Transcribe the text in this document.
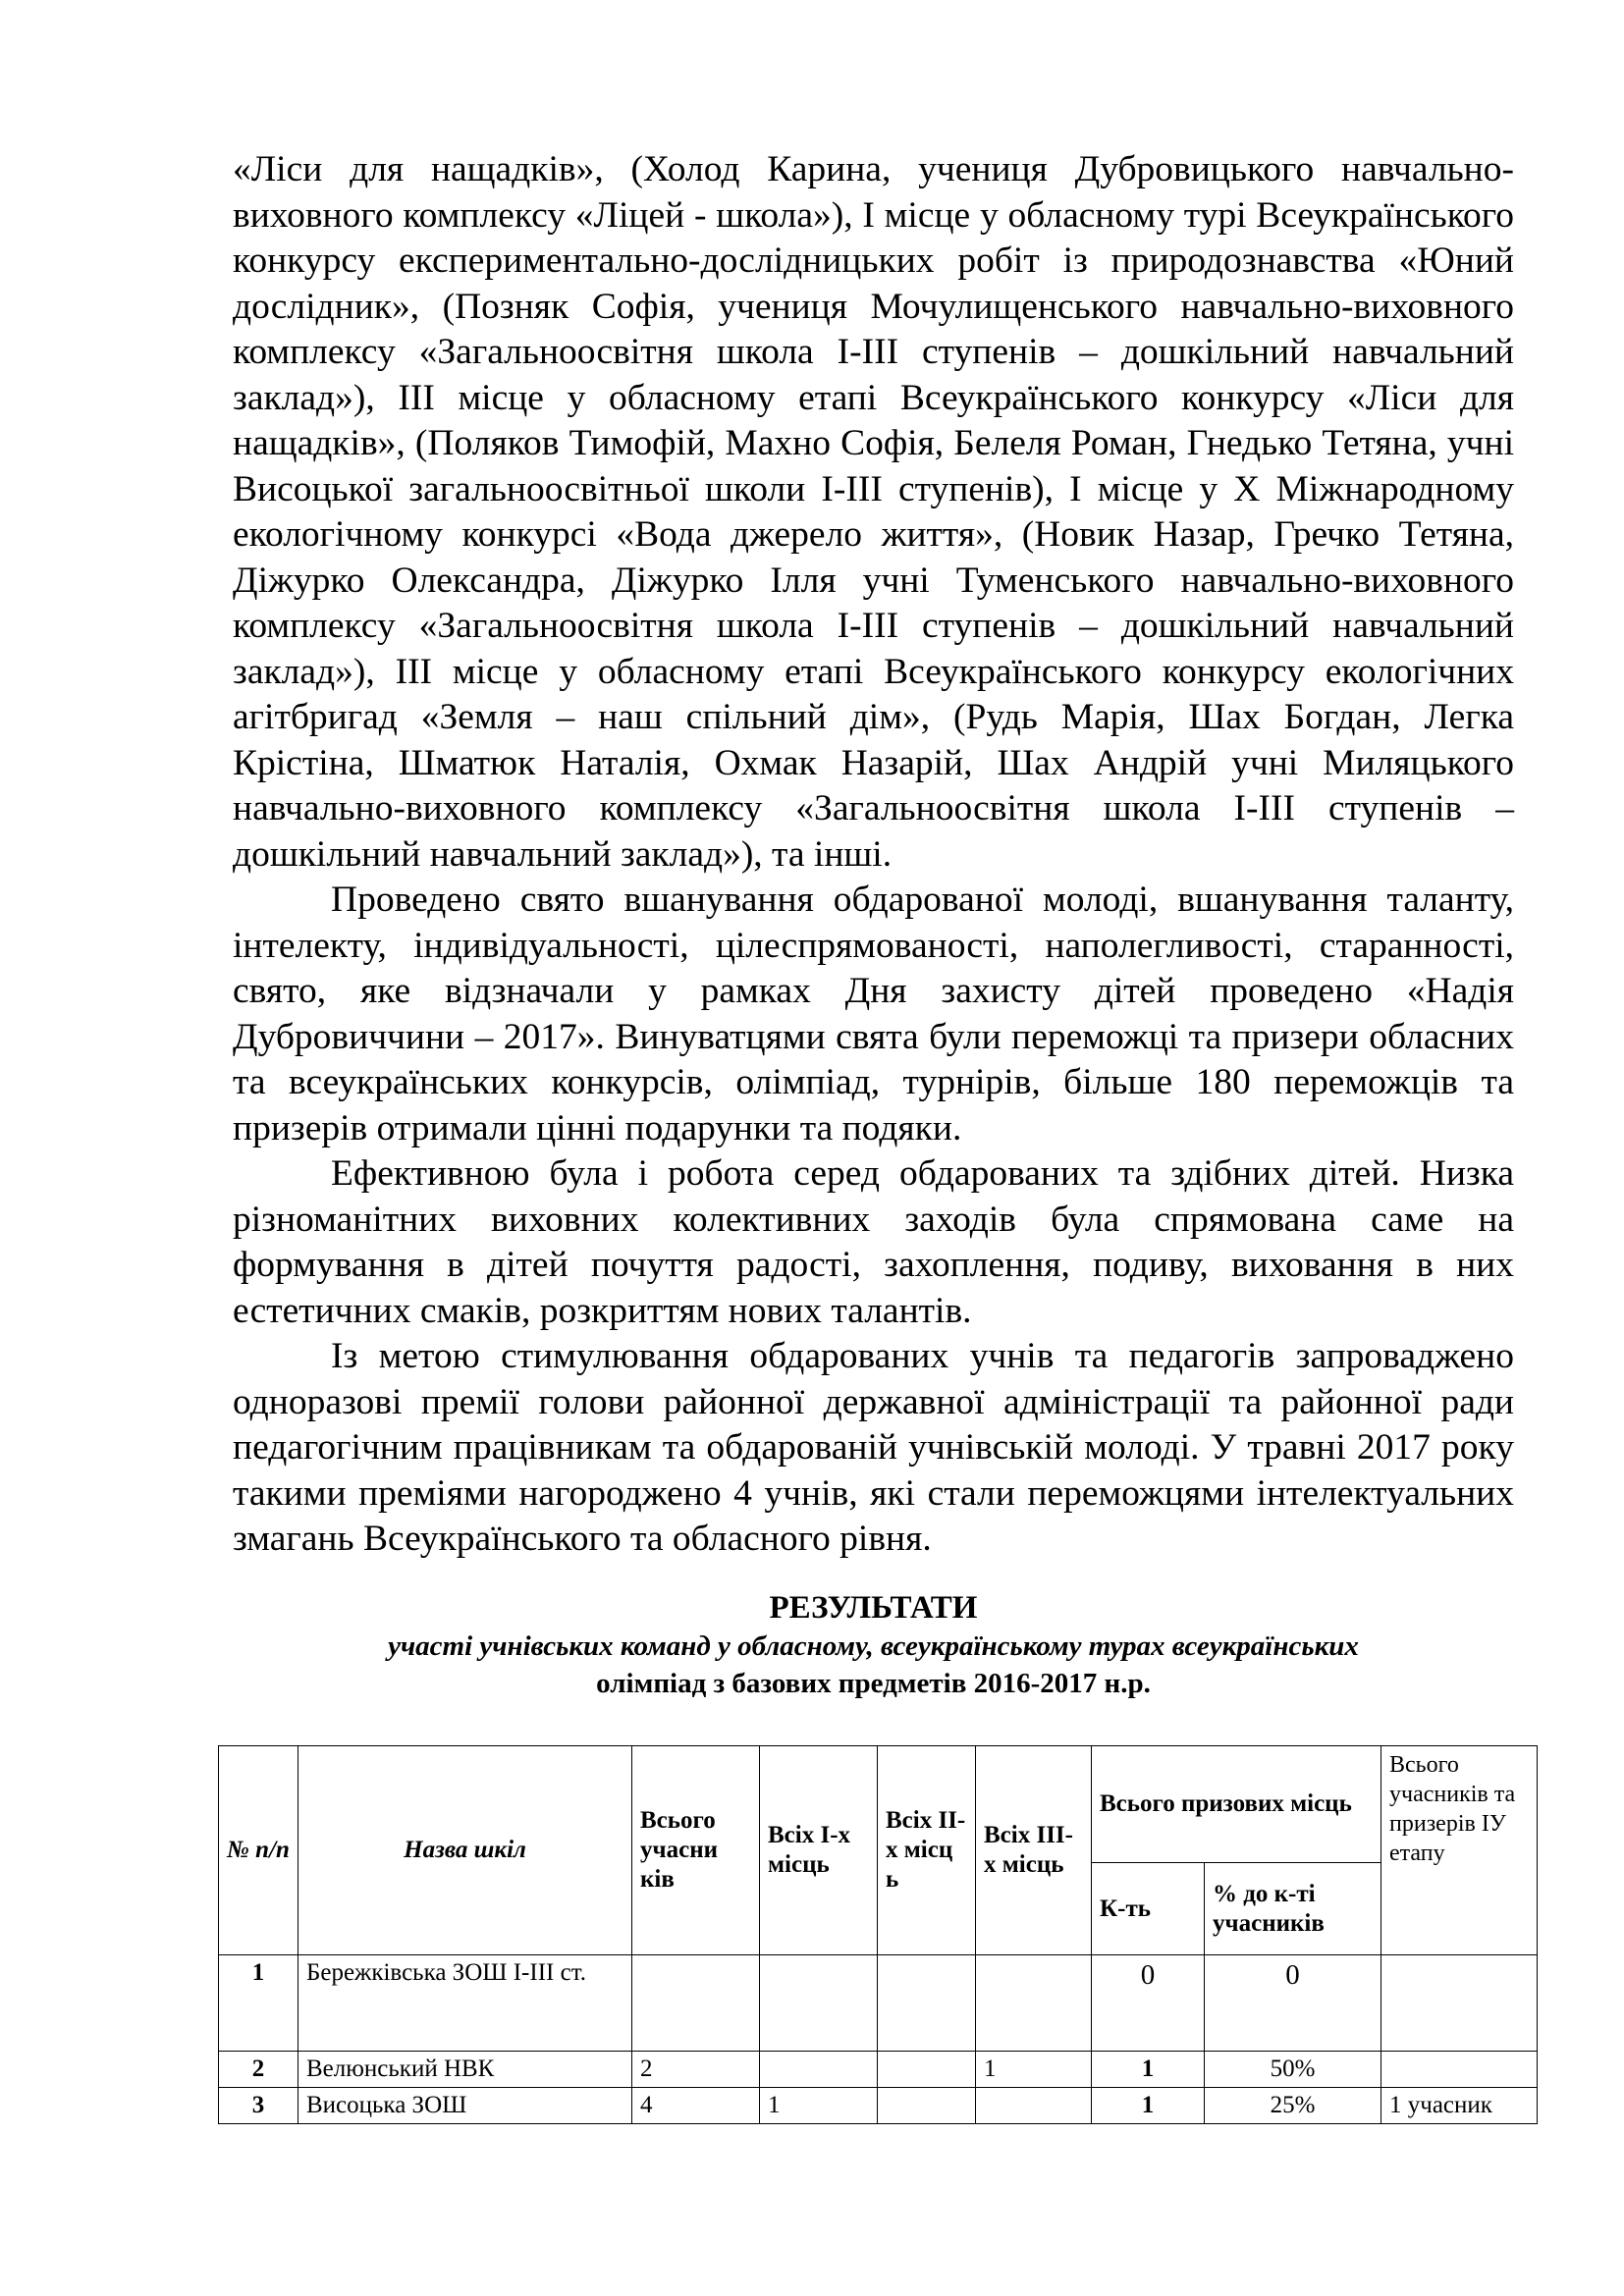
«Ліси для нащадків», (Холод Карина, учениця Дубровицького навчально-виховного комплексу «Ліцей - школа»), І місце у обласному турі Всеукраїнського конкурсу експериментально-дослідницьких робіт із природознавства «Юний дослідник», (Позняк Софія, учениця Мочулищенського навчально-виховного комплексу «Загальноосвітня школа І-ІІІ ступенів – дошкільний навчальний заклад»), ІІІ місце у обласному етапі Всеукраїнського конкурсу «Ліси для нащадків», (Поляков Тимофій, Махно Софія, Белеля Роман, Гнедько Тетяна, учні Висоцької загальноосвітньої школи І-ІІІ ступенів), І місце у Х Міжнародному екологічному конкурсі «Вода джерело життя», (Новик Назар, Гречко Тетяна, Діжурко Олександра, Діжурко Ілля учні Туменського навчально-виховного комплексу «Загальноосвітня школа І-ІІІ ступенів – дошкільний навчальний заклад»), ІІІ місце у обласному етапі Всеукраїнського конкурсу екологічних агітбригад «Земля – наш спільний дім», (Рудь Марія, Шах Богдан, Легка Крістіна, Шматюк Наталія, Охмак Назарій, Шах Андрій учні Миляцького навчально-виховного комплексу «Загальноосвітня школа І-ІІІ ступенів – дошкільний навчальний заклад»), та інші.

Проведено свято вшанування обдарованої молоді, вшанування таланту, інтелекту, індивідуальності, цілеспрямованості, наполегливості, старанності, свято, яке відзначали у рамках Дня захисту дітей проведено «Надія Дубровиччини – 2017». Винуватцями свята були переможці та призери обласних та всеукраїнських конкурсів, олімпіад, турнірів, більше 180 переможців та призерів отримали цінні подарунки та подяки.

Ефективною була і робота серед обдарованих та здібних дітей. Низка різноманітних виховних колективних заходів була спрямована саме на формування в дітей почуття радості, захоплення, подиву, виховання в них естетичних смаків, розкриттям нових талантів.

Із метою стимулювання обдарованих учнів та педагогів запроваджено одноразові премії голови районної державної адміністрації та районної ради педагогічним працівникам та обдарованій учнівській молоді. У травні 2017 року такими преміями нагороджено 4 учнів, які стали переможцями інтелектуальних змагань Всеукраїнського та обласного рівня.

РЕЗУЛЬТАТИ
участі учнівських команд у обласному, всеукраїнському турах всеукраїнських
олімпіад з базових предметів 2016-2017 н.р.
№ п/п	Назва шкіл	Всього учасни ків	Всіх І-х місць	Всіх ІІ-х місц ь	Всіх ІІІ-х місць	Всього призових місць		Всього учасників та призерів ІУ етапу
						К-ть	% до к-ті учасників	
1	Бережківська ЗОШ І-ІІІ ст.					0	0	
2	Велюнський НВК	2			1	1	50%	
3	Висоцька ЗОШ	4	1			1	25%	1 учасник
